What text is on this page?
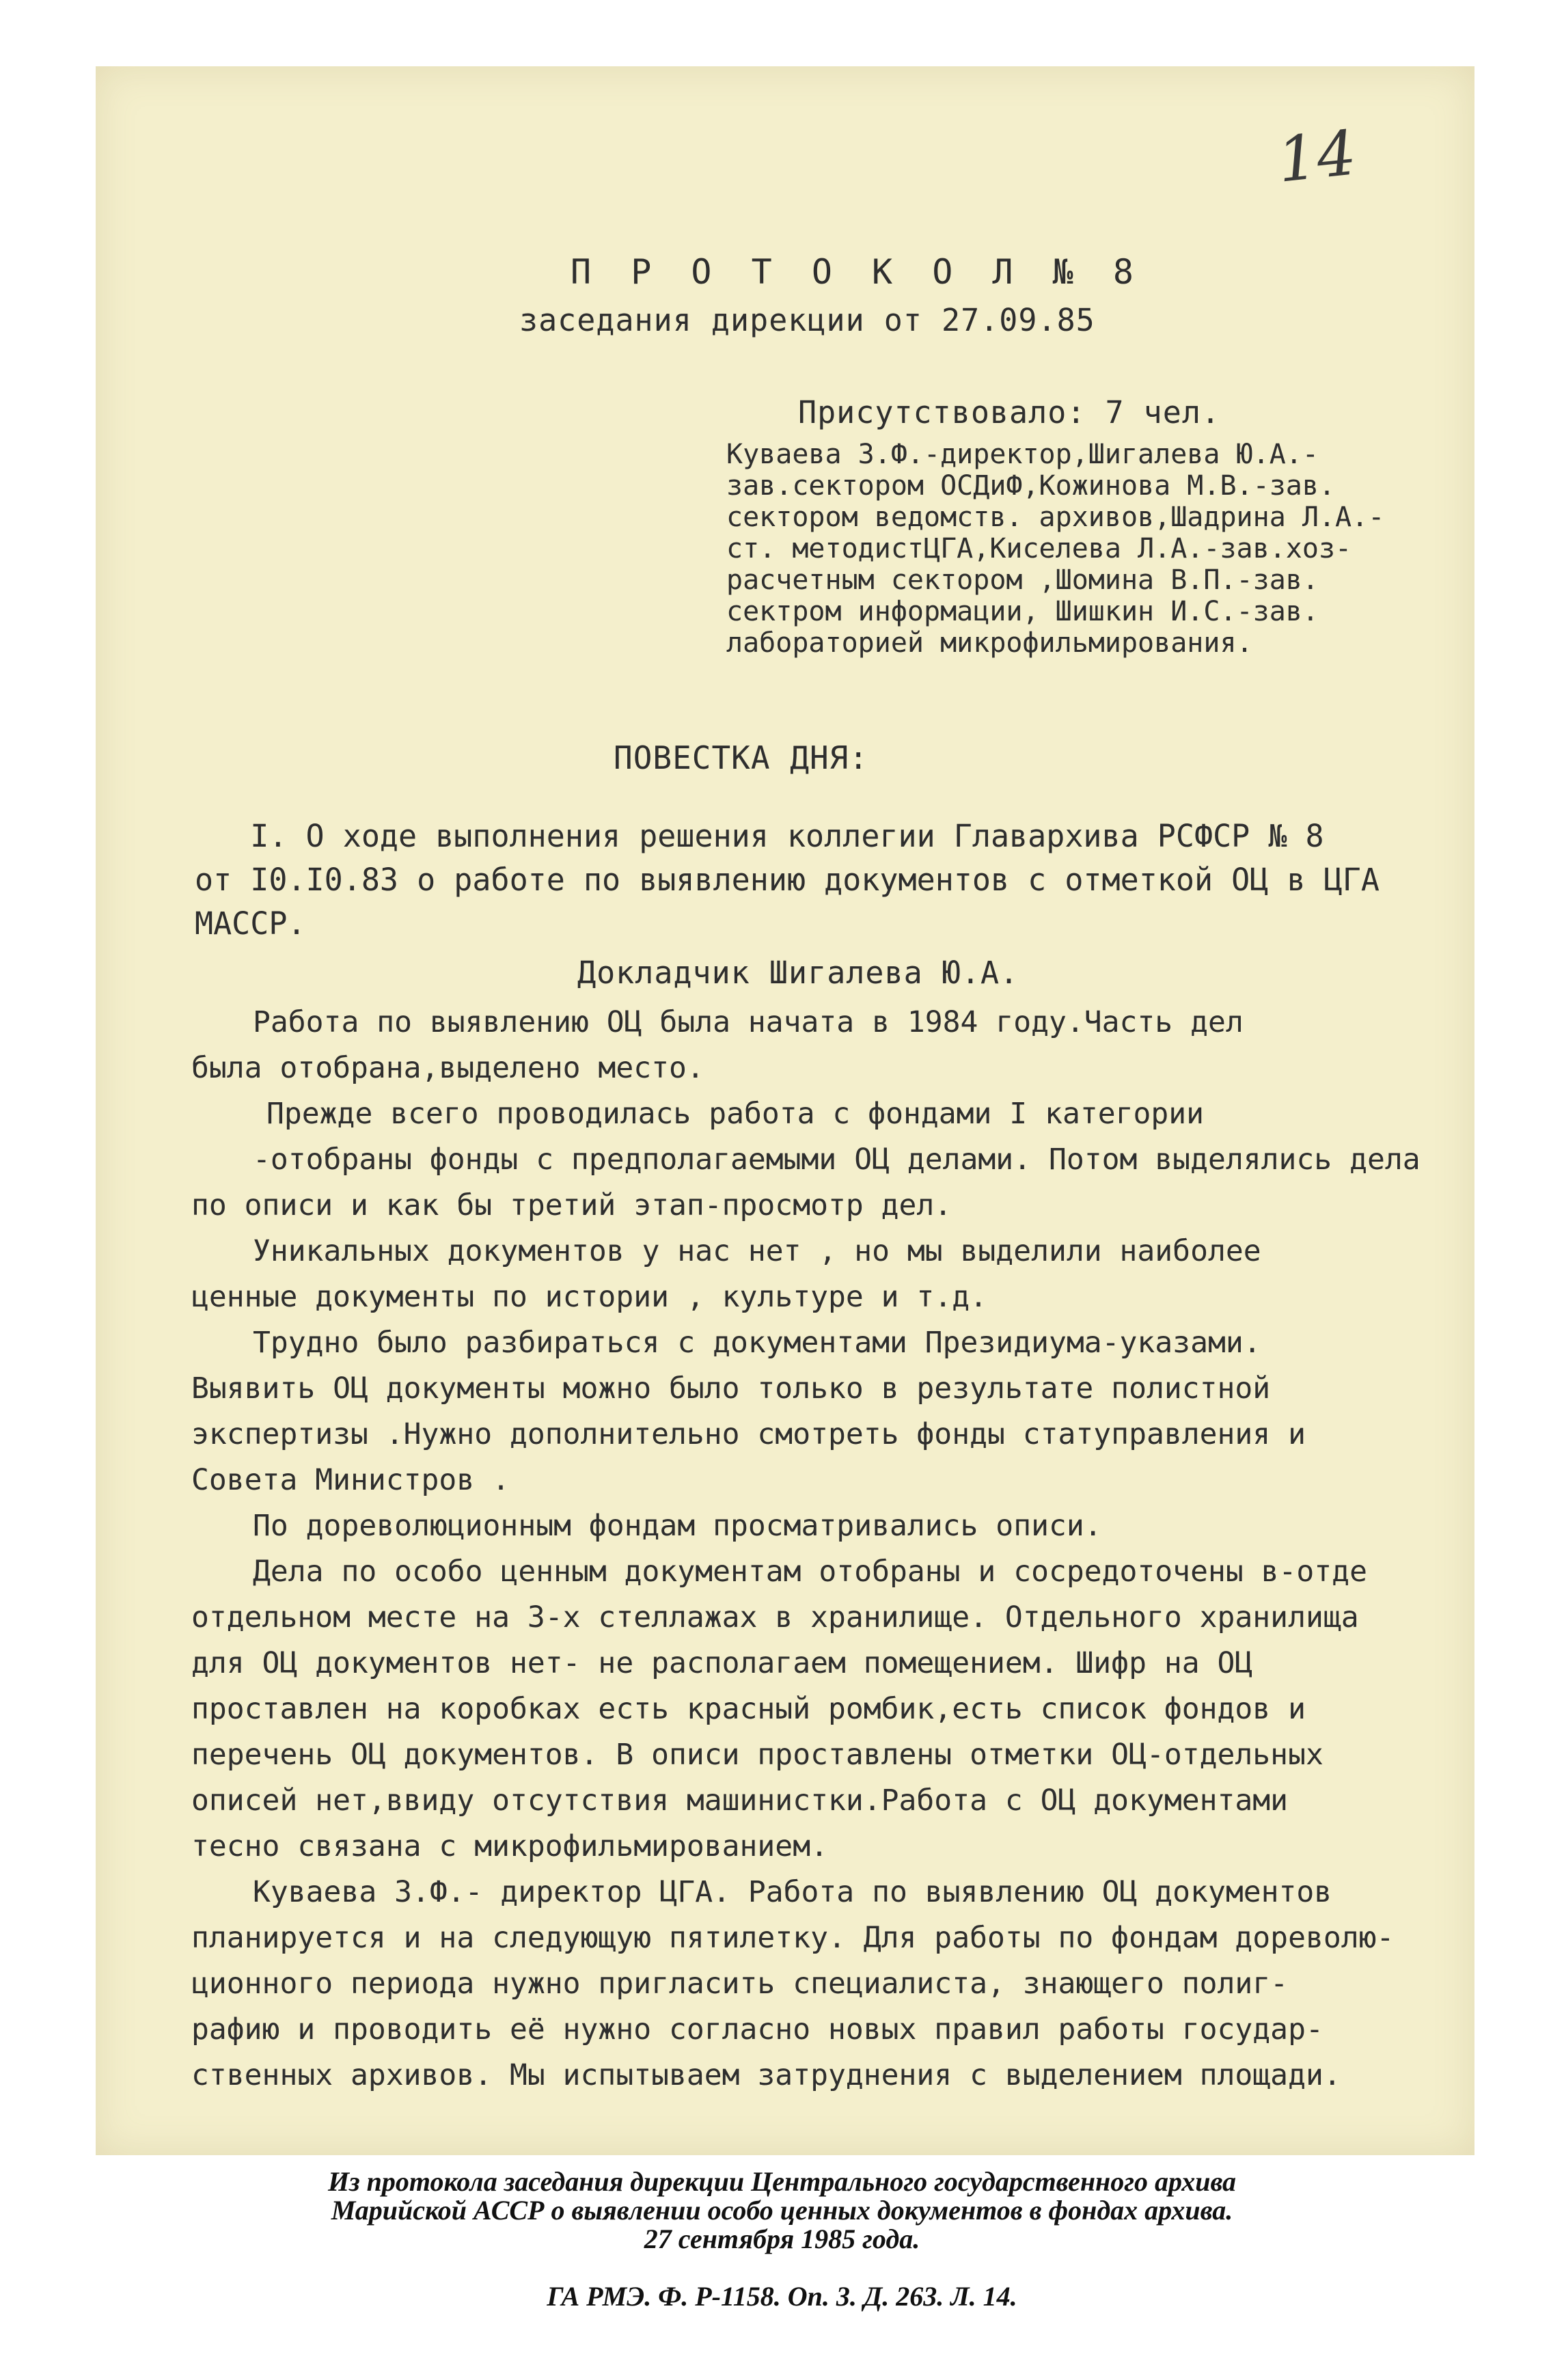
14
П Р О Т О К О Л № 8
заседания дирекции от 27.09.85
Присутствовало: 7 чел.
Куваева З.Ф.-директор,Шигалева Ю.А.-
зав.сектором ОСДиФ,Кожинова М.В.-зав.
сектором ведомств. архивов,Шадрина Л.А.-
ст. методистЦГА,Киселева Л.А.-зав.хоз-
расчетным сектором ,Шомина В.П.-зав.
сектром информации, Шишкин И.С.-зав.
лабораторией микрофильмирования.
ПОВЕСТКА ДНЯ:
I. О ходе выполнения решения коллегии Главархива РСФСР № 8
от I0.I0.83 о работе по выявлению документов с отметкой ОЦ в ЦГА
МАССР.
Докладчик Шигалева Ю.А.
Работа по выявлению ОЦ была начата в 1984 году.Часть дел
была отобрана,выделено место.
Прежде всего проводилась работа с фондами I категории
-отобраны фонды с предполагаемыми ОЦ делами. Потом выделялись дела
по описи и как бы третий этап-просмотр дел.
Уникальных документов у нас нет , но мы выделили наиболее
ценные документы по истории , культуре и т.д.
Трудно было разбираться с документами Президиума-указами.
Выявить ОЦ документы можно было только в результате полистной
экспертизы .Нужно дополнительно смотреть фонды статуправления и
Совета Министров .
По дореволюционным фондам просматривались описи.
Дела по особо ценным документам отобраны и сосредоточены в-отде
отдельном месте на 3-х стеллажах в хранилище. Отдельного хранилища
для ОЦ документов нет- не располагаем помещением. Шифр на ОЦ
проставлен на коробках есть красный ромбик,есть список фондов и
перечень ОЦ документов. В описи проставлены отметки ОЦ-отдельных
описей нет,ввиду отсутствия машинистки.Работа с ОЦ документами
тесно связана с микрофильмированием.
Куваева З.Ф.- директор ЦГА. Работа по выявлению ОЦ документов
планируется и на следующую пятилетку. Для работы по фондам дореволю-
ционного периода нужно пригласить специалиста, знающего полиг-
рафию и проводить её нужно согласно новых правил работы государ-
ственных архивов. Мы испытываем затруднения с выделением площади.
Из протокола заседания дирекции Центрального государственного архива
Марийской АССР о выявлении особо ценных документов в фондах архива.
27 сентября 1985 года.
ГА РМЭ. Ф. Р-1158. Оп. 3. Д. 263. Л. 14.
